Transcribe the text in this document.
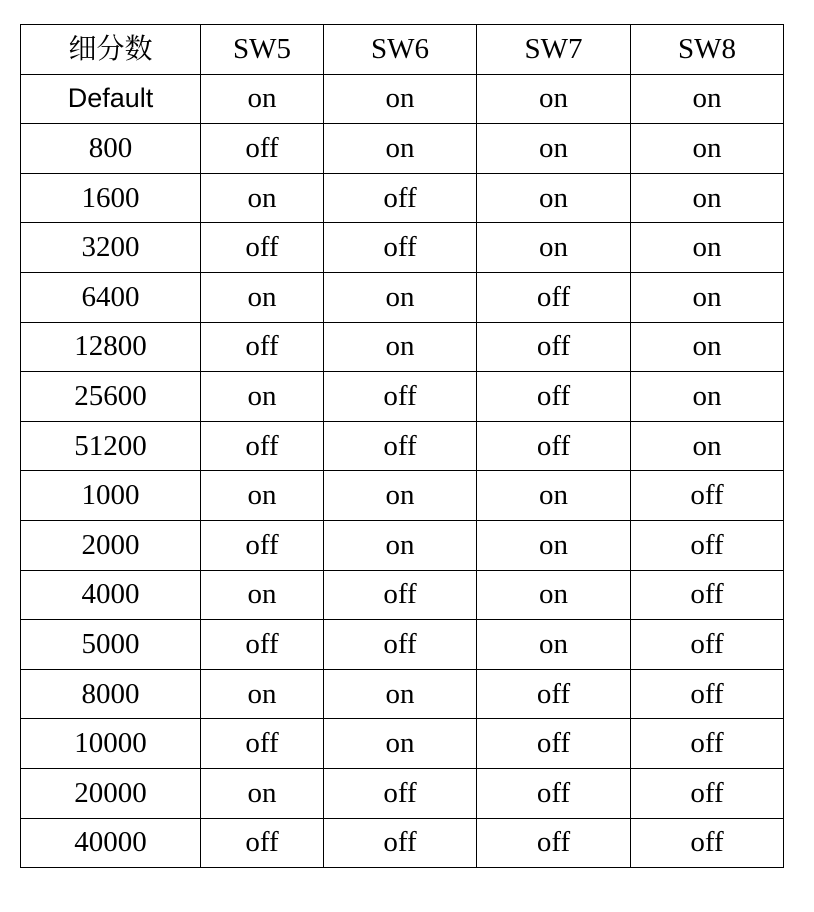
细分数	SW5	SW6	SW7	SW8
Default	on	on	on	on
800	off	on	on	on
1600	on	off	on	on
3200	off	off	on	on
6400	on	on	off	on
12800	off	on	off	on
25600	on	off	off	on
51200	off	off	off	on
1000	on	on	on	off
2000	off	on	on	off
4000	on	off	on	off
5000	off	off	on	off
8000	on	on	off	off
10000	off	on	off	off
20000	on	off	off	off
40000	off	off	off	off
